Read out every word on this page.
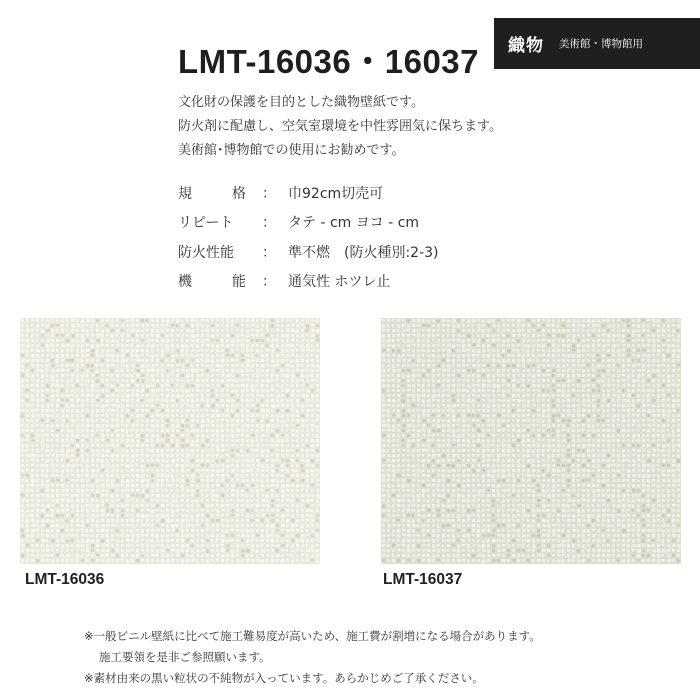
LMT-16036・16037 織物 美術館・博物館用
文化財の保護を目的とした織物壁紙です。
防火剤に配慮し、空気室環境を中性雰囲気に保ちます。
美術館･博物館での使用にお勧めです。
規	格 ： 巾92cm切売可
リピート ： タテ - cm ヨコ - cm
防火性能 ： 準不燃　(防火種別:2-3)
機	能 ： 通気性 ホツレ止
LMT-16036	LMT-16037
※一般ビニル壁紙に比べて施工難易度が高いため、施工費が割増になる場合があります。
施工要領を是非ご参照願います。
※素材由来の黒い粒状の不純物が入っています。あらかじめご了承ください。
